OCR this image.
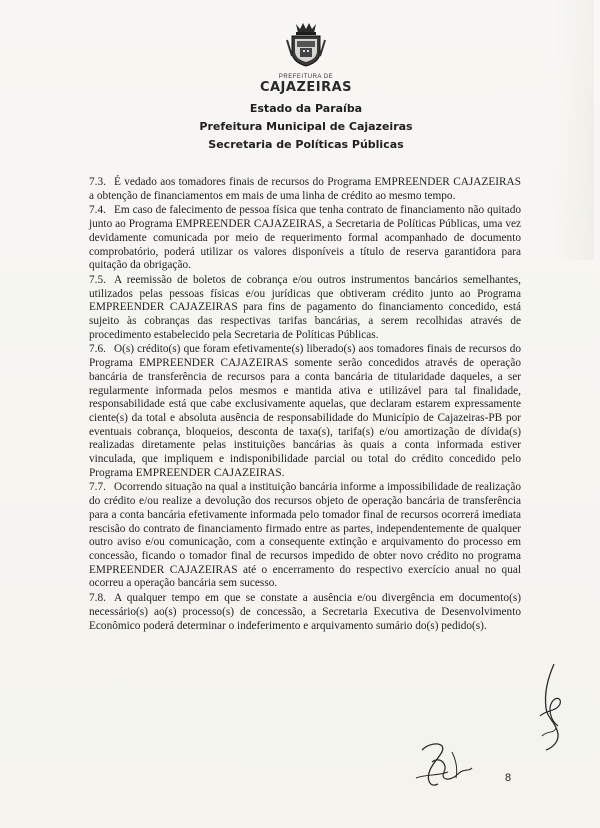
PREFEITURA DE
CAJAZEIRAS
Estado da Paraíba
Prefeitura Municipal de Cajazeiras
Secretaria de Políticas Públicas

7.3. É vedado aos tomadores finais de recursos do Programa EMPREENDER CAJAZEIRAS a obtenção de financiamentos em mais de uma linha de crédito ao mesmo tempo.

7.4. Em caso de falecimento de pessoa física que tenha contrato de financiamento não quitado junto ao Programa EMPREENDER CAJAZEIRAS, a Secretaria de Políticas Públicas, uma vez devidamente comunicada por meio de requerimento formal acompanhado de documento comprobatório, poderá utilizar os valores disponíveis a título de reserva garantidora para quitação da obrigação.

7.5. A reemissão de boletos de cobrança e/ou outros instrumentos bancários semelhantes, utilizados pelas pessoas físicas e/ou jurídicas que obtiveram crédito junto ao Programa EMPREENDER CAJAZEIRAS para fins de pagamento do financiamento concedido, está sujeito às cobranças das respectivas tarifas bancárias, a serem recolhidas através de procedimento estabelecido pela Secretaria de Políticas Públicas.

7.6. O(s) crédito(s) que foram efetivamente(s) liberado(s) aos tomadores finais de recursos do Programa EMPREENDER CAJAZEIRAS somente serão concedidos através de operação bancária de transferência de recursos para a conta bancária de titularidade daqueles, a ser regularmente informada pelos mesmos e mantida ativa e utilizável para tal finalidade, responsabilidade está que cabe exclusivamente aquelas, que declaram estarem expressamente ciente(s) da total e absoluta ausência de responsabilidade do Município de Cajazeiras-PB por eventuais cobrança, bloqueios, desconta de taxa(s), tarifa(s) e/ou amortização de dívida(s) realizadas diretamente pelas instituições bancárias às quais a conta informada estiver vinculada, que impliquem e indisponibilidade parcial ou total do crédito concedido pelo Programa EMPREENDER CAJAZEIRAS.

7.7. Ocorrendo situação na qual a instituição bancária informe a impossibilidade de realização do crédito e/ou realize a devolução dos recursos objeto de operação bancária de transferência para a conta bancária efetivamente informada pelo tomador final de recursos ocorrerá imediata rescisão do contrato de financiamento firmado entre as partes, independentemente de qualquer outro aviso e/ou comunicação, com a consequente extinção e arquivamento do processo em concessão, ficando o tomador final de recursos impedido de obter novo crédito no programa EMPREENDER CAJAZEIRAS até o encerramento do respectivo exercício anual no qual ocorreu a operação bancária sem sucesso.

7.8. A qualquer tempo em que se constate a ausência e/ou divergência em documento(s) necessário(s) ao(s) processo(s) de concessão, a Secretaria Executiva de Desenvolvimento Econômico poderá determinar o indeferimento e arquivamento sumário do(s) pedido(s).

8
